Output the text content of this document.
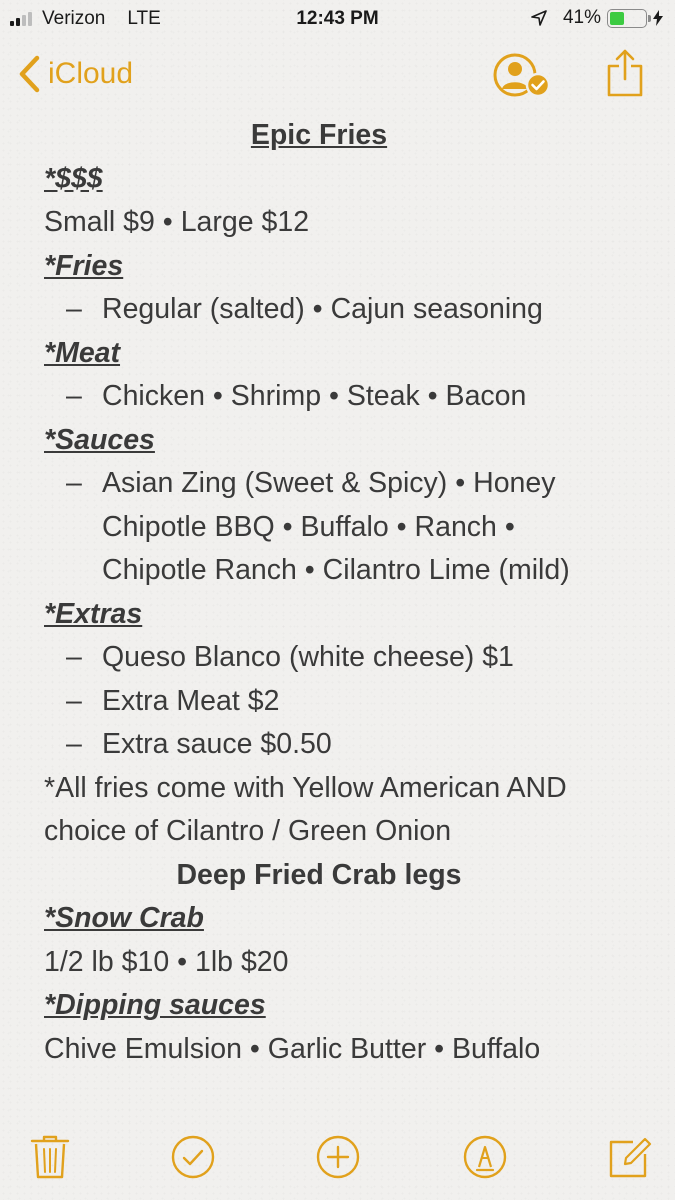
Verizon LTE	12:43 PM	41%
iCloud
Epic Fries
*$$$
Small $9 • Large $12
*Fries
– Regular (salted) • Cajun seasoning
*Meat
– Chicken • Shrimp • Steak • Bacon
*Sauces
– Asian Zing (Sweet & Spicy) • Honey
Chipotle BBQ • Buffalo • Ranch •
Chipotle Ranch • Cilantro Lime (mild)
*Extras
– Queso Blanco (white cheese) $1
– Extra Meat $2
– Extra sauce $0.50
*All fries come with Yellow American AND
choice of Cilantro / Green Onion
Deep Fried Crab legs
*Snow Crab
1/2 lb $10 • 1lb $20
*Dipping sauces
Chive Emulsion • Garlic Butter • Buffalo
